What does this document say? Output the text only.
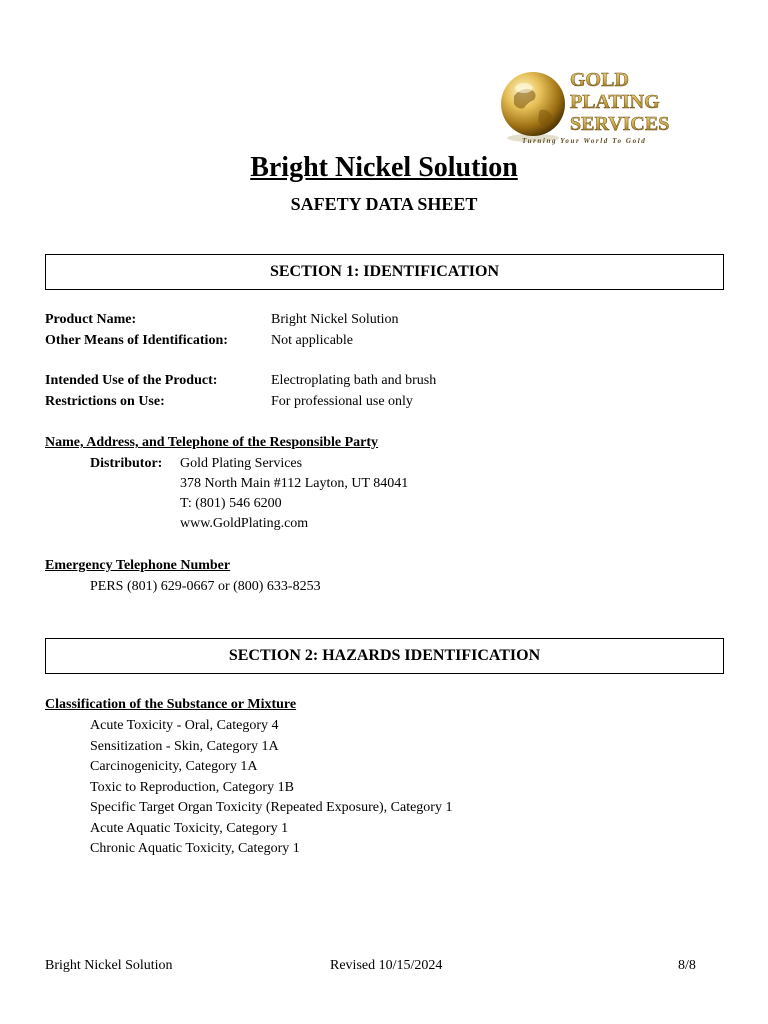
GOLD
PLATING
SERVICES
Turning Your World To Gold
Bright Nickel Solution
SAFETY DATA SHEET
SECTION 1: IDENTIFICATION
Product Name:	Bright Nickel Solution
Other Means of Identification:	Not applicable
Intended Use of the Product:	Electroplating bath and brush
Restrictions on Use:	For professional use only
Name, Address, and Telephone of the Responsible Party
Distributor: Gold Plating Services
378 North Main #112 Layton, UT 84041
T: (801) 546 6200
www.GoldPlating.com
Emergency Telephone Number
PERS (801) 629-0667 or (800) 633-8253
SECTION 2: HAZARDS IDENTIFICATION
Classification of the Substance or Mixture
Acute Toxicity - Oral, Category 4
Sensitization - Skin, Category 1A
Carcinogenicity, Category 1A
Toxic to Reproduction, Category 1B
Specific Target Organ Toxicity (Repeated Exposure), Category 1
Acute Aquatic Toxicity, Category 1
Chronic Aquatic Toxicity, Category 1
Bright Nickel Solution	Revised 10/15/2024	8/8
